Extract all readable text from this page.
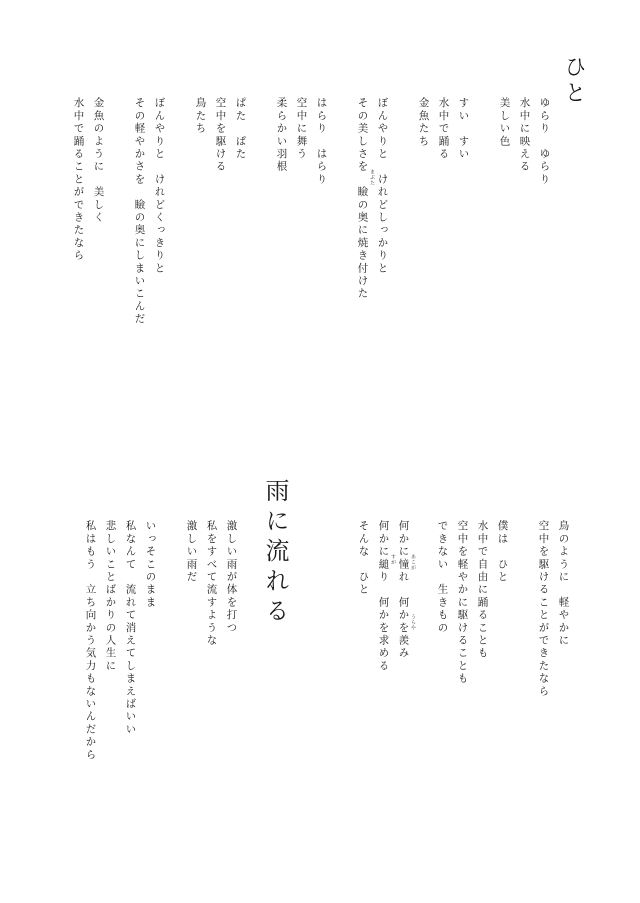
ひと
ゆらり　ゆらり
水中に映える
美しい色
すい　すい
水中で踊る
金魚たち
ぼんやりと　けれどしっかりと
その美しさを　瞼の奥に焼き付けた まぶた
はらり　はらり
空中に舞う
柔らかい羽根
ぱた　ぱた
空中を駆ける
鳥たち
ぼんやりと　けれどくっきりと
その軽やかさを　瞼の奥にしまいこんだ
金魚のように　美しく
水中で踊ることができたなら
鳥のように　軽やかに
空中を駆けることができたなら
僕は　ひと
水中で自由に踊ることも
空中を軽やかに駆けることも
できない　生きもの
何かに憧れ　何かを羨み あこが
うらや
何かに縋り　何かを求める すが
そんな　ひと
雨に流れる
激しい雨が体を打つ
私をすべて流すような
激しい雨だ
いっそこのまま
私なんて　流れて消えてしまえばいい
悲しいことばかりの人生に
私はもう　立ち向かう気力もないんだから
